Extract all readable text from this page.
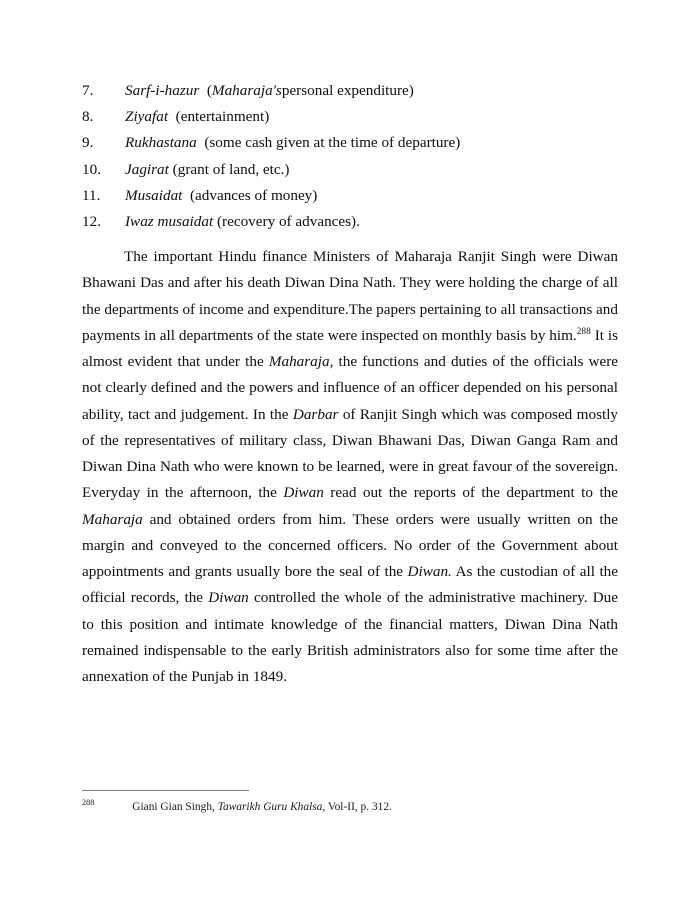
7.	Sarf-i-hazur
( Maharaja's personal expenditure)
8.	Ziyafat
(entertainment)
9.	Rukhastana
(some cash given at the time of departure)
10.	Jagirat
(grant of land, etc.)
11.	Musaidat
(advances of money)
12.	Iwaz musaidat
(recovery of advances).

The important Hindu finance Ministers of Maharaja Ranjit Singh were Diwan Bhawani Das and after his death Diwan Dina Nath. They were holding the charge of all the departments of income and expenditure.The papers pertaining to all transactions and payments in all departments of the state were inspected on monthly basis by him.$^{288}$ It is almost evident that under the Maharaja, the functions and duties of the officials were not clearly defined and the powers and influence of an officer depended on his personal ability, tact and judgement. In the Darbar of Ranjit Singh which was composed mostly of the representatives of military class, Diwan Bhawani Das, Diwan Ganga Ram and Diwan Dina Nath who were known to be learned, were in great favour of the sovereign. Everyday in the afternoon, the Diwan read out the reports of the department to the Maharaja and obtained orders from him. These orders were usually written on the margin and conveyed to the concerned officers. No order of the Government about appointments and grants usually bore the seal of the Diwan. As the custodian of all the official records, the Diwan controlled the whole of the administrative machinery. Due to this position and intimate knowledge of the financial matters, Diwan Dina Nath remained indispensable to the early British administrators also for some time after the annexation of the Punjab in 1849.

$^{288}$	Giani Gian Singh, Tawarikh Guru Khalsa, Vol-II, p. 312.
